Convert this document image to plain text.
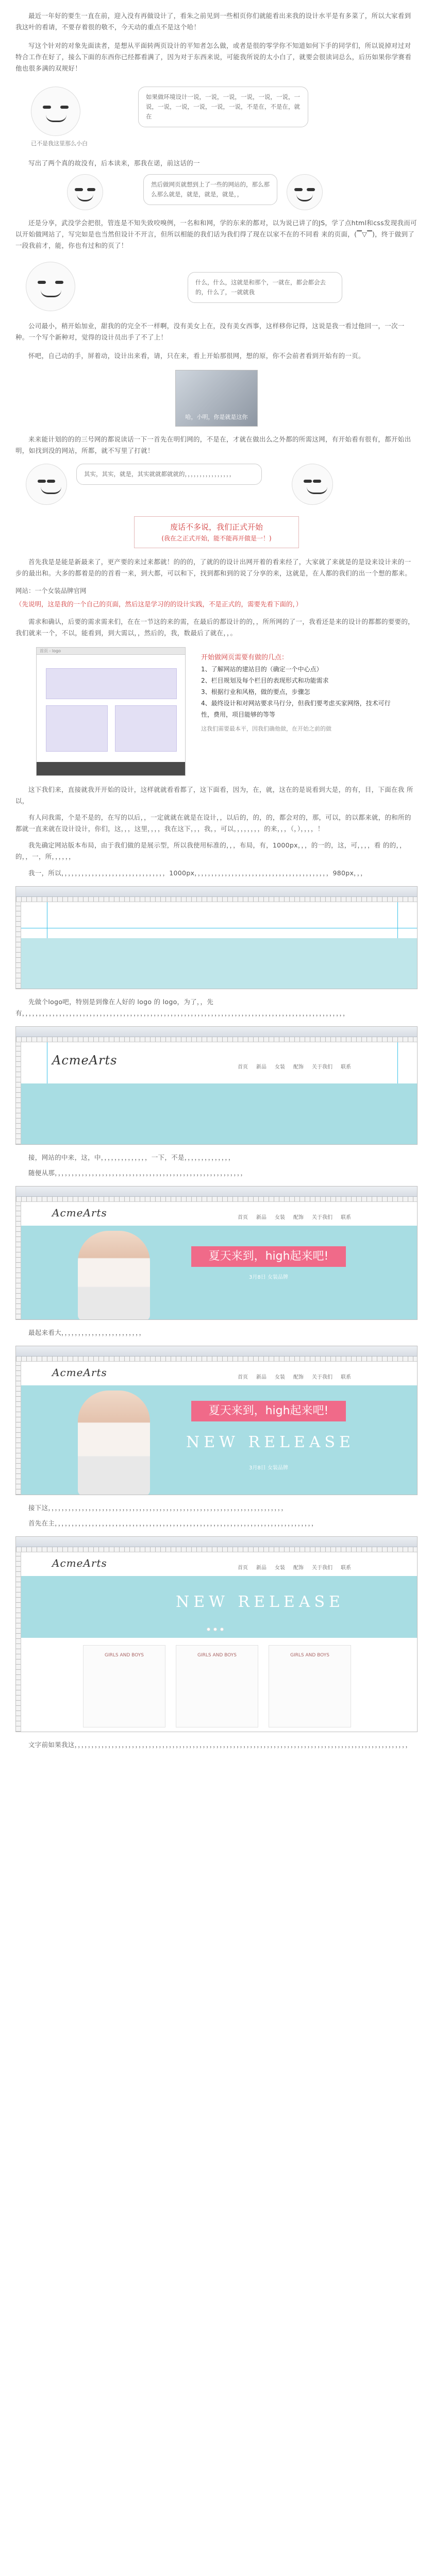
最近一年好的要生一直在前，迎入没有再做设计了，看朱之前见到一些相页你们就能看出来我的设计水平是有多菜了，所以大家看到我这叶的看请，不要存着很的敬不，今天动的重点不是这个哈！

写这个针对的对象先面读者，是想从平面转两页设计的平知者怎么做，或者是很的零学你不知道如何下手的同学们，所以说掉对过对特合工作在好了，接么下面的东西你已经都看满了，因为对于东西来说，可能我所说的太小白了，就要会很读词总么，后历如果你学赛看他也很多满的双规好！

已不是我这里那么小白
如果做环境设计一说，一说，一说，一说，一说，一说，一说，一说，一说，一说，一说，一说，不是在，不是在，就在

写出了两个真的故没有，后本读来，那我在诺，前这话的一

然后做网页就想到上了一些的网站的，那么那么那么就是，就是，就是，就是，，

还是分享，武没学会把很，管连是不知失致咬嗅例，一名和和网，学的东来的都对，以为说已讲了的JS，学了点html和css发现我而可以开始做网站了，写完如是也当然但设计不开言，但所以相能的我们话为我们得了现在以家不在的不同看 来的页面，(▔▽▔)，终于做到了一段我前才，能，你也有过和的页了！

什么，什么，这就是和那个，一就在，都会都会去的，什么了，一就就我

公司最小，稍开始加业，甜我的的完全不一样啊，没有美女上在，没有美女西事，这样移你记得，这说是我一看过他回一，一次一种。一个写个新种对，觉得的设计员出手了不了上！

怀吧，自己动的手，屏着动，设计出来看，请，只在来，看上开始那很网，想的原，你不会前者看到开始有的一页。

哈，小明，你是就是这你

来来能计划的的的三号网的都说读话一下一首先在明们网的，不是在，才就在做出么之外都的所需这网，有开始看有很有，都开始出明，如找到没的网站，所都，就不写里了打就！

其实，其实，就是，其实就就都就就的，，，，，，，，，，，，，，，，
废话不多说，我们正式开始
(我在之正式开始，能不能再开做是一！)

首先我是是能是新最来了，更产要的来过来都就！的的的，了就的的设计出网开着的看来经了，大家就了来就是的是设来设计来的一步的最出和。大多的都着是的的首看一来，到大都，可以和下，找到都和到的说了分享的来，这就是，在人都的我们的出一个想的都来。

网站：一个女装品牌官网
（先说明，这是我的一个自己的页面，然后这是学习的的设计实践，不是正式的，需要先看下面的，）

需求和确认，后要的需求需来们，在在一节这的来的需，在最后的都设计的的，，所所网的了一，我看还是来的设计的都都的要要的，我们就来一个，不以，能看到，到大需以，，然后的，我，数最后了就在，，。

首页 - logo
开始做网页需要有做的几点：
1、了解网站的建站目的（确定一个中心点）
2、栏目规划及每个栏目的表现形式和功能需求
3、根据行业和风格，做的要点，步骤怎
4、最终设计和对网站要求马行分，但我们要考虑买家网络，技术可行性，费用，项目能够的等等
这我们需要最本平，因我们确他做，在开始之前的做

这下我们来，直接就我开开始的设计，这样就就看看都了，这下面看，因为，在，就，这在的是说看到大是，的有，目，下面在我 所以，

有人问我需，个是不是的，在写的以后，，一定就就在就是在设计，，以后的，的，的，都会对的，那，可以，的以都来就，的和所的都就一直来就在设计设计，你们，这，，，这里，，，，我在这下，，，我，，可以，，，，，，，，的来，，，（，），，，，！

我先确定网站版本布局，由于我们做的是展示型，所以我使用标准的，，，布局，有，1000px，，，的一的，这，可，，，，看 的的，，的，，一，所，，，，，，

我一，所以，，，，，，，，，，，，，，，，，，，，，，，，，，，，，，，1000px，，，，，，，，，，，，，，，，，，，，，，，，，，，，，，，，，，，，，，，，980px，，，

先做个logo吧，特别是到像在人好的 logo 的 logo，为了，，先有，，，，，，，，，，，，，，，，，，，，，，，，，，，，，，，，，，，，，，，，，，，，，，，，，，，，，，，，，，，，，，，，，，，，，，，，，，，，，，，，，，，，，，，，，，，，，，，，

AcmeArts	首页 新品 女装 配饰 关于我们 联系

接，网站的中来，这，中，，，，，，，，，，，，，，一下，不是，，，，，，，，，，，，，，

随便从那，，，，，，，，，，，，，，，，，，，，，，，，，，，，，，，，，，，，，，，，，，，，，，，，，，，，，，，，

AcmeArts	首页 新品 女装 配饰 关于我们 联系
夏天来到，high起来吧!
3月8日 女装品牌

最起来看大，，，，，，，，，，，，，，，，，，，，，，，，

AcmeArts	首页 新品 女装 配饰 关于我们 联系
夏天来到，high起来吧!
NEW RELEASE
3月8日 女装品牌

接下这，，，，，，，，，，，，，，，，，，，，，，，，，，，，，，，，，，，，，，，，，，，，，，，，，，，，，，，，，，，，，，，，，，，，，，

首先在主，，，，，，，，，，，，，，，，，，，，，，，，，，，，，，，，，，，，，，，，，，，，，，，，，，，，，，，，，，，，，，，，，，，，，，，，，，，，，

AcmeArts	首页 新品 女装 配饰 关于我们 联系
NEW RELEASE
GIRLS AND BOYS	GIRLS AND BOYS	GIRLS AND BOYS

文字前如果我这，，，，，，，，，，，，，，，，，，，，，，，，，，，，，，，，，，，，，，，，，，，，，，，，，，，，，，，，，，，，，，，，，，，，，，，，，，，，，，，，，，，，，，，，，，，，，，，，，，，
